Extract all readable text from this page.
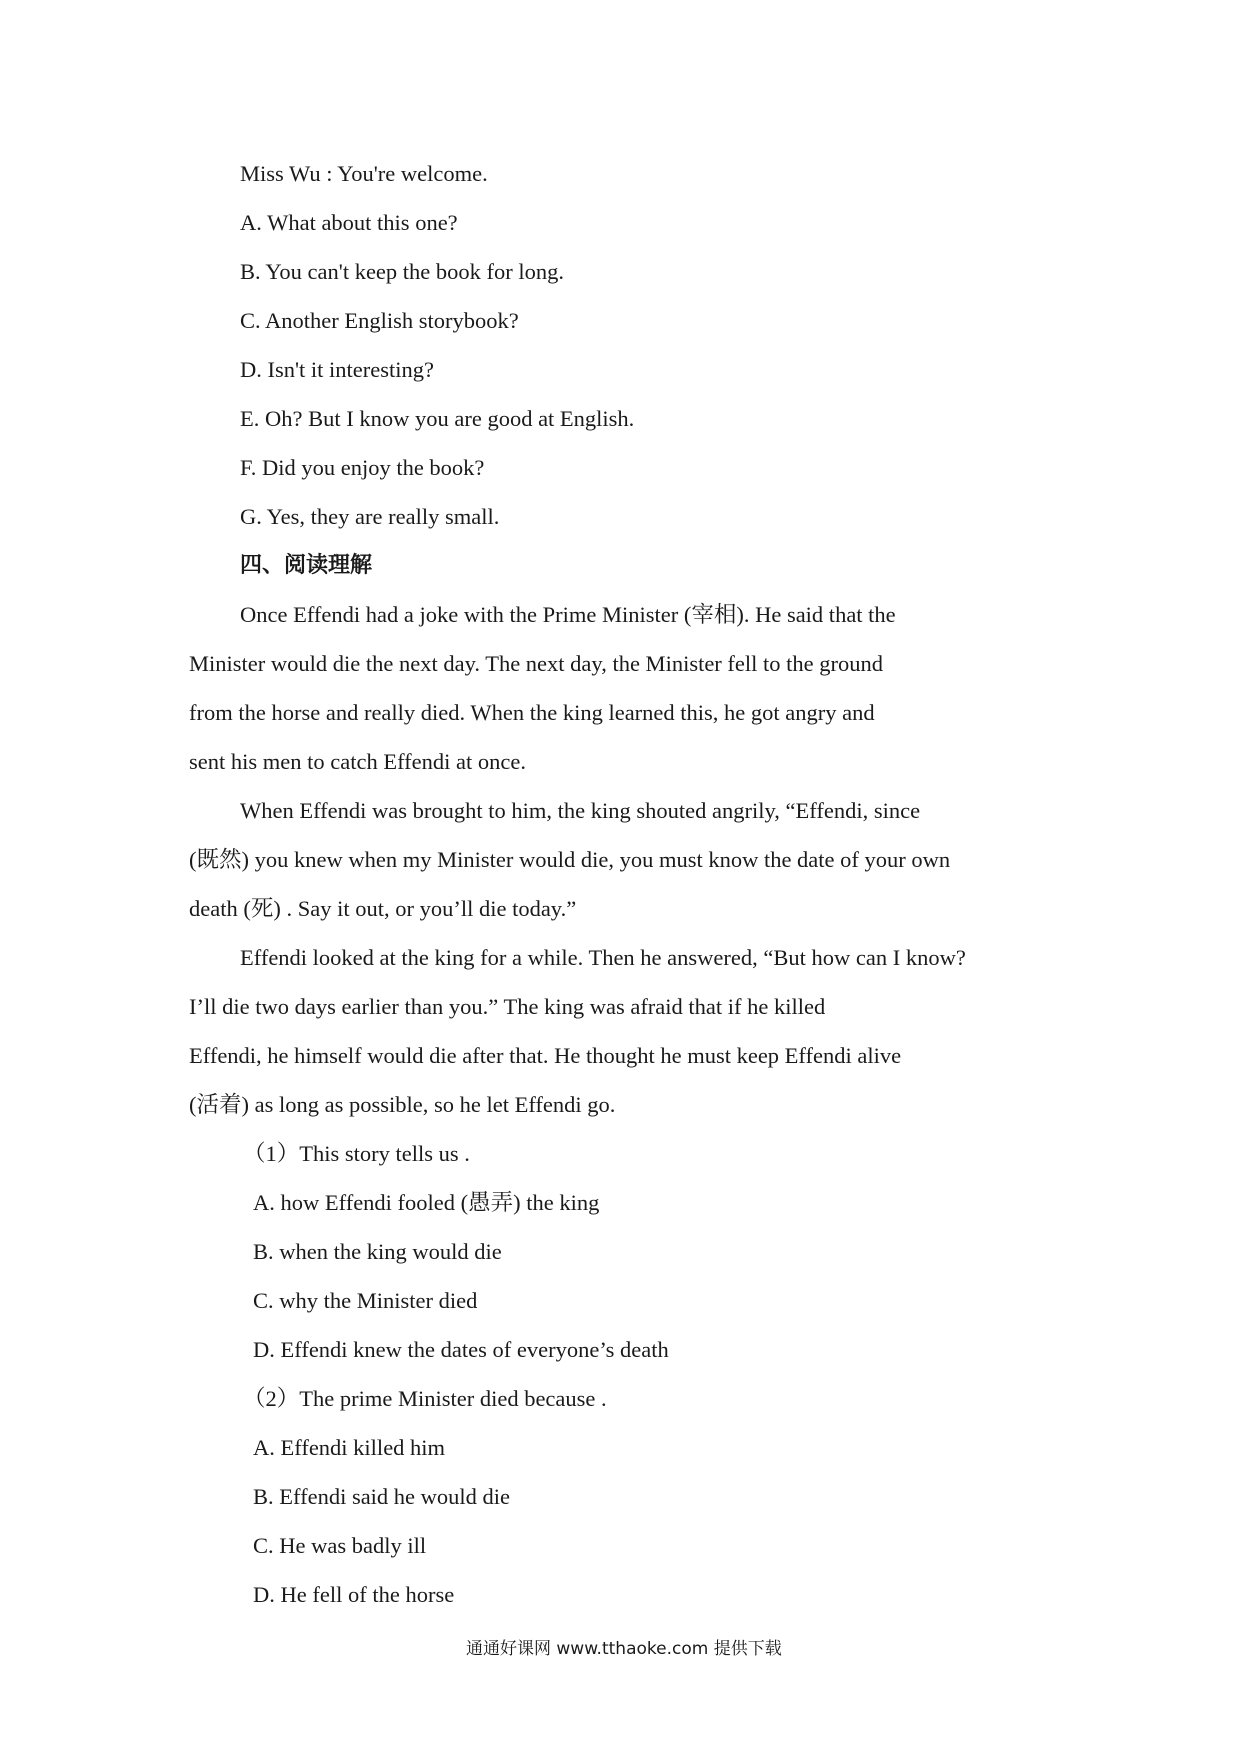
Miss Wu : You're welcome.
A. What about this one?
B. You can't keep the book for long.
C. Another English storybook?
D. Isn't it interesting?
E. Oh? But I know you are good at English.
F. Did you enjoy the book?
G. Yes, they are really small.
四、阅读理解
Once Effendi had a joke with the Prime Minister (宰相). He said that the
Minister would die the next day. The next day, the Minister fell to the ground
from the horse and really died. When the king learned this, he got angry and
sent his men to catch Effendi at once.
When Effendi was brought to him, the king shouted angrily, “Effendi, since
(既然) you knew when my Minister would die, you must know the date of your own
death (死) . Say it out, or you’ll die today.”
Effendi looked at the king for a while. Then he answered, “But how can I know?
I’ll die two days earlier than you.” The king was afraid that if he killed
Effendi, he himself would die after that. He thought he must keep Effendi alive
(活着) as long as possible, so he let Effendi go.
（1）This story tells us .
A. how Effendi fooled (愚弄) the king
B. when the king would die
C. why the Minister died
D. Effendi knew the dates of everyone’s death
（2）The prime Minister died because .
A. Effendi killed him
B. Effendi said he would die
C. He was badly ill
D. He fell of the horse
通通好课网 www.tthaoke.com 提供下载
